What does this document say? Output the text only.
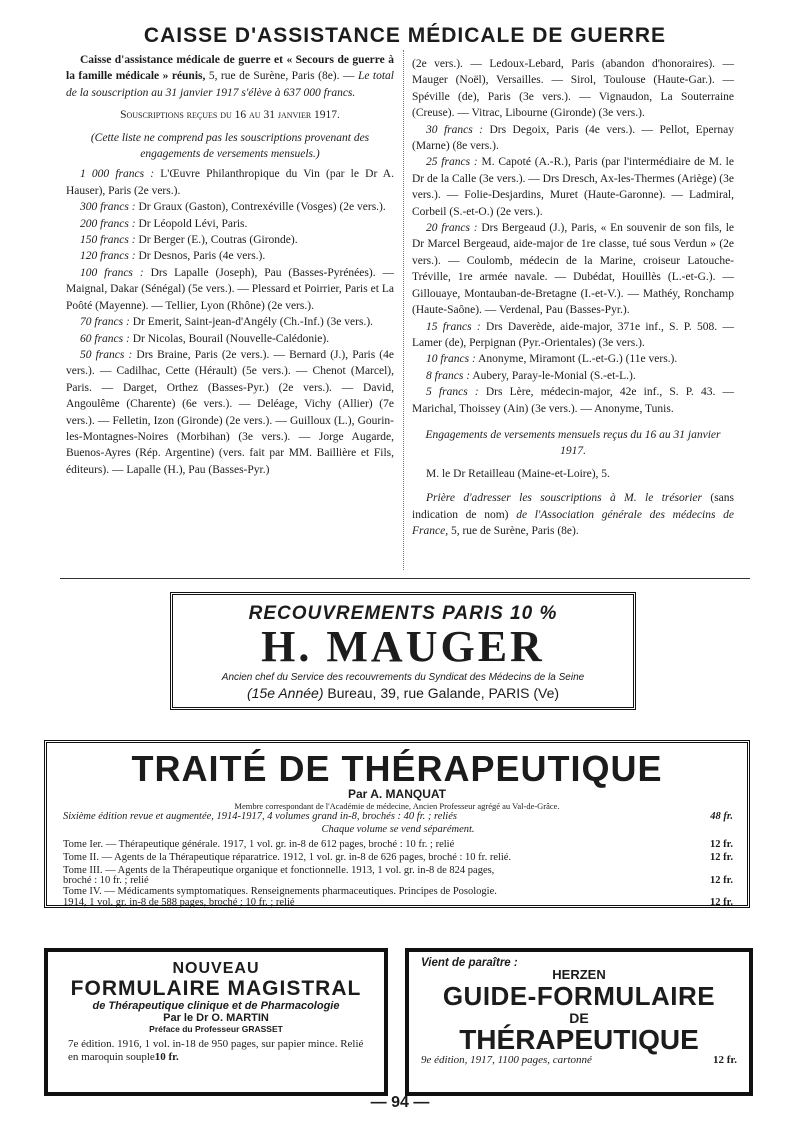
CAISSE D'ASSISTANCE MÉDICALE DE GUERRE

Caisse d'assistance médicale de guerre et « Secours de guerre à la famille médicale » réunis, 5, rue de Surène, Paris (8e). — Le total de la souscription au 31 janvier 1917 s'élève à 637 000 francs.

Souscriptions reçues du 16 au 31 janvier 1917.

(Cette liste ne comprend pas les souscriptions provenant des engagements de versements mensuels.)

1 000 francs : L'Œuvre Philanthropique du Vin (par le Dr A. Hauser), Paris (2e vers.).

300 francs : Dr Graux (Gaston), Contrexéville (Vosges) (2e vers.).

200 francs : Dr Léopold Lévi, Paris.

150 francs : Dr Berger (E.), Coutras (Gironde).

120 francs : Dr Desnos, Paris (4e vers.).

100 francs : Drs Lapalle (Joseph), Pau (Basses-Pyrénées). — Maignal, Dakar (Sénégal) (5e vers.). — Plessard et Poirrier, Paris et La Poôté (Mayenne). — Tellier, Lyon (Rhône) (2e vers.).

70 francs : Dr Emerit, Saint-jean-d'Angély (Ch.-Inf.) (3e vers.).

60 francs : Dr Nicolas, Bourail (Nouvelle-Calédonie).

50 francs : Drs Braine, Paris (2e vers.). — Bernard (J.), Paris (4e vers.). — Cadilhac, Cette (Hérault) (5e vers.). — Chenot (Marcel), Paris. — Darget, Orthez (Basses-Pyr.) (2e vers.). — David, Angoulême (Charente) (6e vers.). — Deléage, Vichy (Allier) (7e vers.). — Felletin, Izon (Gironde) (2e vers.). — Guilloux (L.), Gourin-les-Montagnes-Noires (Morbihan) (3e vers.). — Jorge Augarde, Buenos-Ayres (Rép. Argentine) (vers. fait par MM. Baillière et Fils, éditeurs). — Lapalle (H.), Pau (Basses-Pyr.)

(2e vers.). — Ledoux-Lebard, Paris (abandon d'honoraires). — Mauger (Noël), Versailles. — Sirol, Toulouse (Haute-Gar.). — Spéville (de), Paris (3e vers.). — Vignaudon, La Souterraine (Creuse). — Vitrac, Libourne (Gironde) (3e vers.).

30 francs : Drs Degoix, Paris (4e vers.). — Pellot, Epernay (Marne) (8e vers.).

25 francs : M. Capoté (A.-R.), Paris (par l'intermédiaire de M. le Dr de la Calle (3e vers.). — Drs Dresch, Ax-les-Thermes (Ariège) (3e vers.). — Folie-Desjardins, Muret (Haute-Garonne). — Ladmiral, Corbeil (S.-et-O.) (2e vers.).

20 francs : Drs Bergeaud (J.), Paris, « En souvenir de son fils, le Dr Marcel Bergeaud, aide-major de 1re classe, tué sous Verdun » (2e vers.). — Coulomb, médecin de la Marine, croiseur Latouche-Tréville, 1re armée navale. — Dubédat, Houillès (L.-et-G.). — Gillouaye, Montauban-de-Bretagne (I.-et-V.). — Mathéy, Ronchamp (Haute-Saône). — Verdenal, Pau (Basses-Pyr.).

15 francs : Drs Daverède, aide-major, 371e inf., S. P. 508. — Lamer (de), Perpignan (Pyr.-Orientales) (3e vers.).

10 francs : Anonyme, Miramont (L.-et-G.) (11e vers.).

8 francs : Aubery, Paray-le-Monial (S.-et-L.).

5 francs : Drs Lère, médecin-major, 42e inf., S. P. 43. — Marichal, Thoissey (Ain) (3e vers.). — Anonyme, Tunis.

Engagements de versements mensuels reçus du 16 au 31 janvier 1917.

M. le Dr Retailleau (Maine-et-Loire), 5.

Prière d'adresser les souscriptions à M. le trésorier (sans indication de nom) de l'Association générale des médecins de France, 5, rue de Surène, Paris (8e).

RECOUVREMENTS PARIS 10 %
H. MAUGER
Ancien chef du Service des recouvrements du Syndicat des Médecins de la Seine
(15e Année) Bureau, 39, rue Galande, PARIS (Ve)
TRAITÉ DE THÉRAPEUTIQUE
Par A. MANQUAT
Membre correspondant de l'Académie de médecine, Ancien Professeur agrégé au Val-de-Grâce.
Sixième édition revue et augmentée, 1914-1917, 4 volumes grand in-8, brochés : 40 fr. ; reliés	48 fr.
Chaque volume se vend séparément.
Tome Ier. — Thérapeutique générale. 1917, 1 vol. gr. in-8 de 612 pages, broché : 10 fr. ; relié	12 fr.
Tome II. — Agents de la Thérapeutique réparatrice. 1912, 1 vol. gr. in-8 de 626 pages, broché : 10 fr. relié.	12 fr.
Tome III. — Agents de la Thérapeutique organique et fonctionnelle. 1913, 1 vol. gr. in-8 de 824 pages,
broché : 10 fr. ; relié	12 fr.
Tome IV. — Médicaments symptomatiques. Renseignements pharmaceutiques. Principes de Posologie.
1914, 1 vol. gr. in-8 de 588 pages, broché ; 10 fr. ; relié	12 fr.
NOUVEAU
FORMULAIRE MAGISTRAL
de Thérapeutique clinique et de Pharmacologie
Par le Dr O. MARTIN
Préface du Professeur GRASSET
7e édition. 1916, 1 vol. in-18 de 950 pages, sur papier mince. Relié en maroquin souple10 fr.
Vient de paraître :
HERZEN
GUIDE-FORMULAIRE
DE
THÉRAPEUTIQUE
9e édition, 1917, 1100 pages, cartonné	12 fr.
— 94 —
